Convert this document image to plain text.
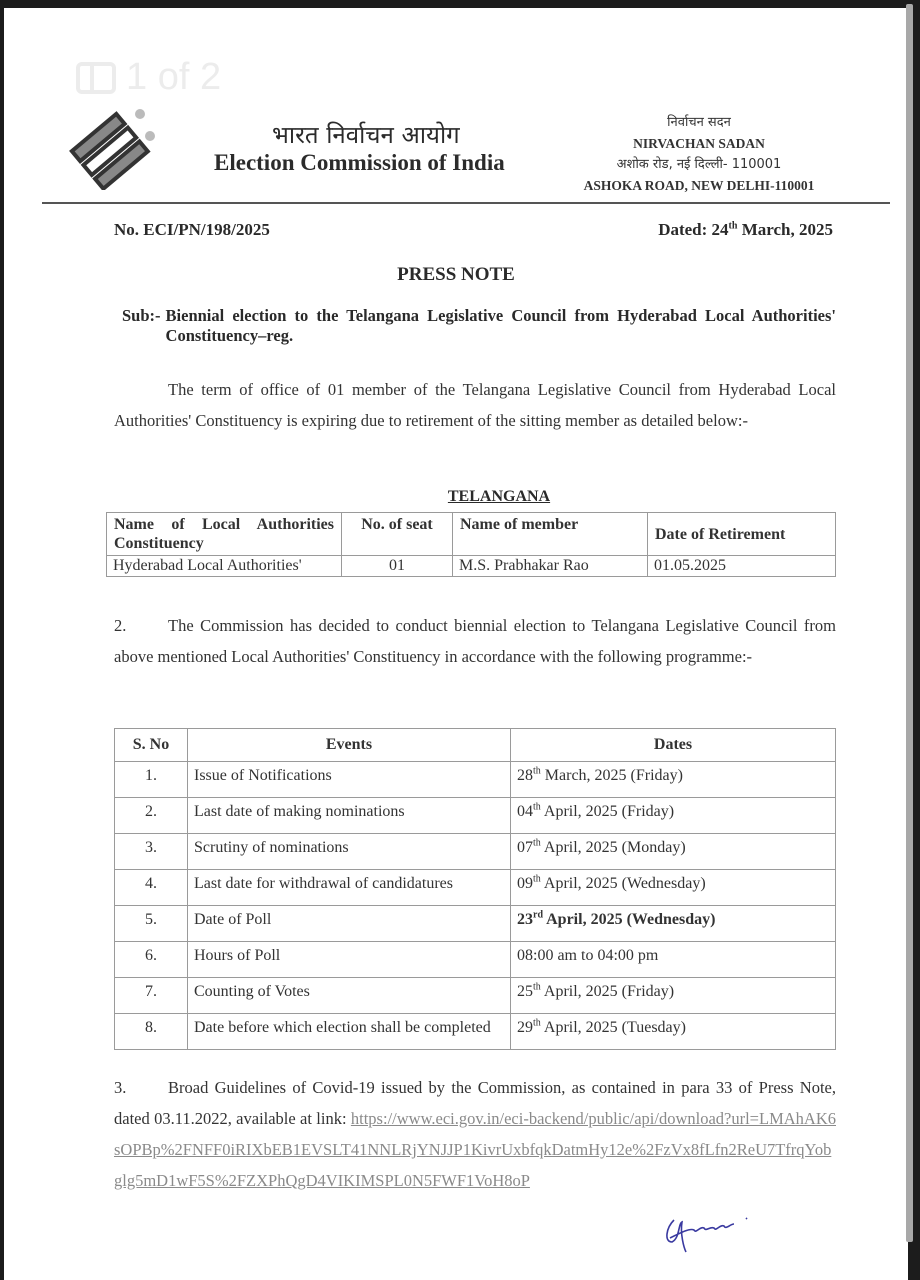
1 of 2
भारत निर्वाचन आयोग
Election Commission of India
निर्वाचन सदन
NIRVACHAN SADAN
अशोक रोड, नई दिल्ली- 110001
ASHOKA ROAD, NEW DELHI-110001
No. ECI/PN/198/2025	Dated: 24th March, 2025
PRESS NOTE
Sub:- Biennial election to the Telangana Legislative Council from Hyderabad Local Authorities' Constituency–reg.
The term of office of 01 member of the Telangana Legislative Council from Hyderabad Local Authorities' Constituency is expiring due to retirement of the sitting member as detailed below:-
TELANGANA
Name of Local Authorities Constituency	No. of seat	Name of member	Date of Retirement
Hyderabad Local Authorities'	01	M.S. Prabhakar Rao	01.05.2025
2.	The Commission has decided to conduct biennial election to Telangana Legislative Council from above mentioned Local Authorities' Constituency in accordance with the following programme:-
S. No	Events	Dates
1.	Issue of Notifications	28th March, 2025 (Friday)
2.	Last date of making nominations	04th April, 2025 (Friday)
3.	Scrutiny of nominations	07th April, 2025 (Monday)
4.	Last date for withdrawal of candidatures	09th April, 2025 (Wednesday)
5.	Date of Poll	23rd April, 2025 (Wednesday)
6.	Hours of Poll	08:00 am to 04:00 pm
7.	Counting of Votes	25th April, 2025 (Friday)
8.	Date before which election shall be completed	29th April, 2025 (Tuesday)
3.	Broad Guidelines of Covid-19 issued by the Commission, as contained in para 33 of Press Note, dated 03.11.2022, available at link: https://www.eci.gov.in/eci-backend/public/api/download?url=LMAhAK6sOPBp%2FNFF0iRIXbEB1EVSLT41NNLRjYNJJP1KivrUxbfqkDatmHy12e%2FzVx8fLfn2ReU7TfrqYobglg5mD1wF5S%2FZXPhQgD4VIKIMSPL0N5FWF1VoH8oP
